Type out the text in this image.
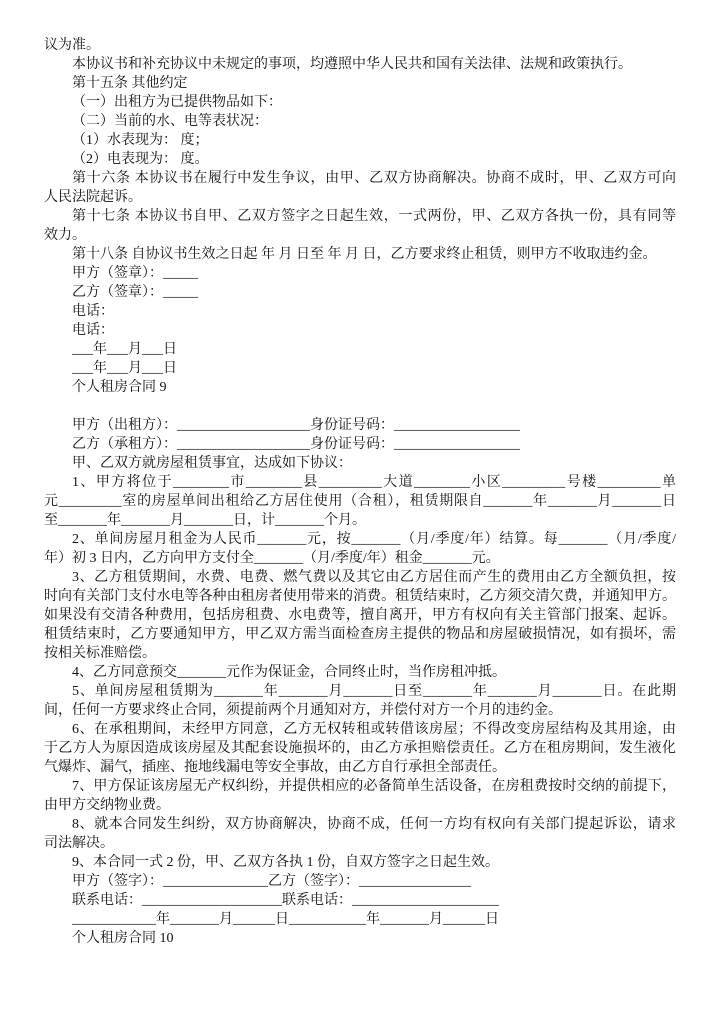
议为准。
本协议书和补充协议中未规定的事项，均遵照中华人民共和国有关法律、法规和政策执行。
第十五条 其他约定
（一）出租方为已提供物品如下：
（二）当前的水、电等表状况：
（1）水表现为： 度；
（2）电表现为： 度。
第十六条 本协议书在履行中发生争议，由甲、乙双方协商解决。协商不成时，甲、乙双方可向
人民法院起诉。
第十七条 本协议书自甲、乙双方签字之日起生效，一式两份，甲、乙双方各执一份，具有同等
效力。
第十八条 自协议书生效之日起 年 月 日至 年 月 日，乙方要求终止租赁，则甲方不收取违约金。
甲方（签章）：_____
乙方（签章）：_____
电话：
电话：
___年___月___日
___年___月___日
个人租房合同 9
甲方（出租方）：___________________身份证号码：__________________
乙方（承租方）：___________________身份证号码：__________________
甲、乙双方就房屋租赁事宜，达成如下协议：
1、甲方将位于________市________县_________大道________小区_________号楼_________单
元_________室的房屋单间出租给乙方居住使用（合租），租赁期限自_______年_______月_______日
至_______年_______月_______日，计_______个月。
2、单间房屋月租金为人民币_______元，按_______（月/季度/年）结算。每_______（月/季度/
年）初 3 日内，乙方向甲方支付全_______（月/季度/年）租金_______元。
3、乙方租赁期间，水费、电费、燃气费以及其它由乙方居住而产生的费用由乙方全额负担，按
时向有关部门支付水电等各种由租房者使用带来的消费。租赁结束时，乙方须交清欠费，并通知甲方。
如果没有交清各种费用，包括房租费、水电费等，擅自离开，甲方有权向有关主管部门报案、起诉。
租赁结束时，乙方要通知甲方，甲乙双方需当面检查房主提供的物品和房屋破损情况，如有损坏，需
按相关标准赔偿。
4、乙方同意预交_______元作为保证金，合同终止时，当作房租冲抵。
5、单间房屋租赁期为_______年_______月_______日至_______年_______月_______日。在此期
间，任何一方要求终止合同，须提前两个月通知对方，并偿付对方一个月的违约金。
6、在承租期间，未经甲方同意，乙方无权转租或转借该房屋；不得改变房屋结构及其用途，由
于乙方人为原因造成该房屋及其配套设施损坏的，由乙方承担赔偿责任。乙方在租房期间，发生液化
气爆炸、漏气，插座、拖地线漏电等安全事故，由乙方自行承担全部责任。
7、甲方保证该房屋无产权纠纷，并提供相应的必备简单生活设备，在房租费按时交纳的前提下，
由甲方交纳物业费。
8、就本合同发生纠纷，双方协商解决，协商不成，任何一方均有权向有关部门提起诉讼，请求
司法解决。
9、本合同一式 2 份，甲、乙双方各执 1 份，自双方签字之日起生效。
甲方（签字）：_______________乙方（签字）：________________
联系电话：____________________联系电话：_____________________
____________年_______月______日___________年_______月______日
个人租房合同 10
